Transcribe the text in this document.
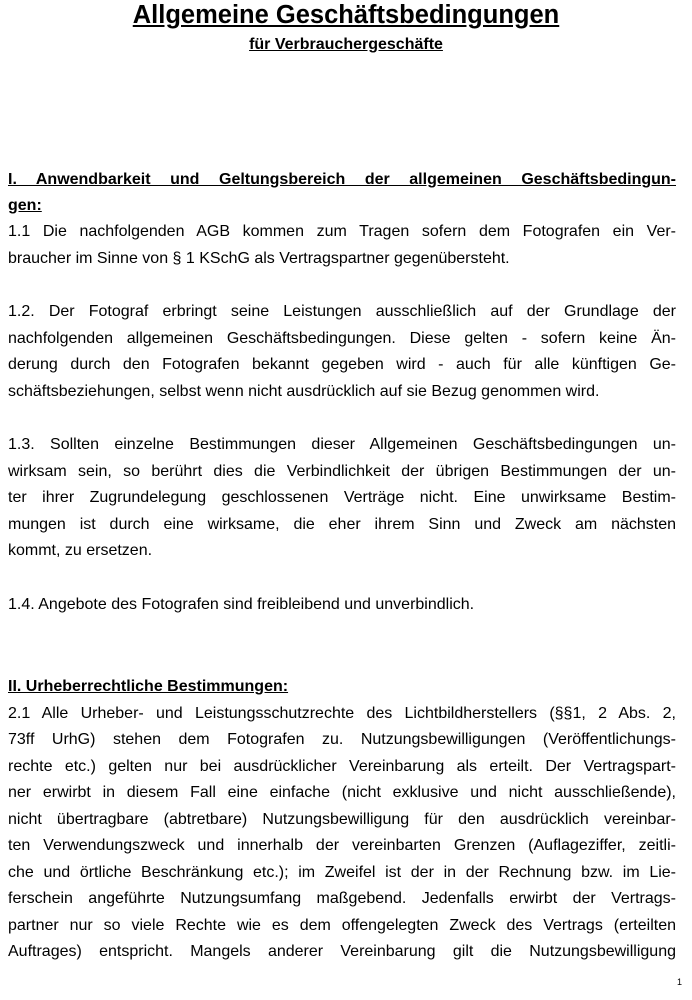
Allgemeine Geschäftsbedingungen
für Verbrauchergeschäfte
I. Anwendbarkeit und Geltungsbereich der allgemeinen Geschäftsbedingun-
gen:
1.1 Die nachfolgenden AGB kommen zum Tragen sofern dem Fotografen ein Ver-
braucher im Sinne von § 1 KSchG als Vertragspartner gegenübersteht.
1.2. Der Fotograf erbringt seine Leistungen ausschließlich auf der Grundlage der
nachfolgenden allgemeinen Geschäftsbedingungen. Diese gelten - sofern keine Än-
derung durch den Fotografen bekannt gegeben wird - auch für alle künftigen Ge-
schäftsbeziehungen, selbst wenn nicht ausdrücklich auf sie Bezug genommen wird.
1.3. Sollten einzelne Bestimmungen dieser Allgemeinen Geschäftsbedingungen un-
wirksam sein, so berührt dies die Verbindlichkeit der übrigen Bestimmungen der un-
ter ihrer Zugrundelegung geschlossenen Verträge nicht. Eine unwirksame Bestim-
mungen ist durch eine wirksame, die eher ihrem Sinn und Zweck am nächsten
kommt, zu ersetzen.
1.4. Angebote des Fotografen sind freibleibend und unverbindlich.
II. Urheberrechtliche Bestimmungen:
2.1 Alle Urheber- und Leistungsschutzrechte des Lichtbildherstellers (§§1, 2 Abs. 2,
73ff UrhG) stehen dem Fotografen zu. Nutzungsbewilligungen (Veröffentlichungs-
rechte etc.) gelten nur bei ausdrücklicher Vereinbarung als erteilt. Der Vertragspart-
ner erwirbt in diesem Fall eine einfache (nicht exklusive und nicht ausschließende),
nicht übertragbare (abtretbare) Nutzungsbewilligung für den ausdrücklich vereinbar-
ten Verwendungszweck und innerhalb der vereinbarten Grenzen (Auflageziffer, zeitli-
che und örtliche Beschränkung etc.); im Zweifel ist der in der Rechnung bzw. im Lie-
ferschein angeführte Nutzungsumfang maßgebend. Jedenfalls erwirbt der Vertrags-
partner nur so viele Rechte wie es dem offengelegten Zweck des Vertrags (erteilten
Auftrages) entspricht. Mangels anderer Vereinbarung gilt die Nutzungsbewilligung
1
